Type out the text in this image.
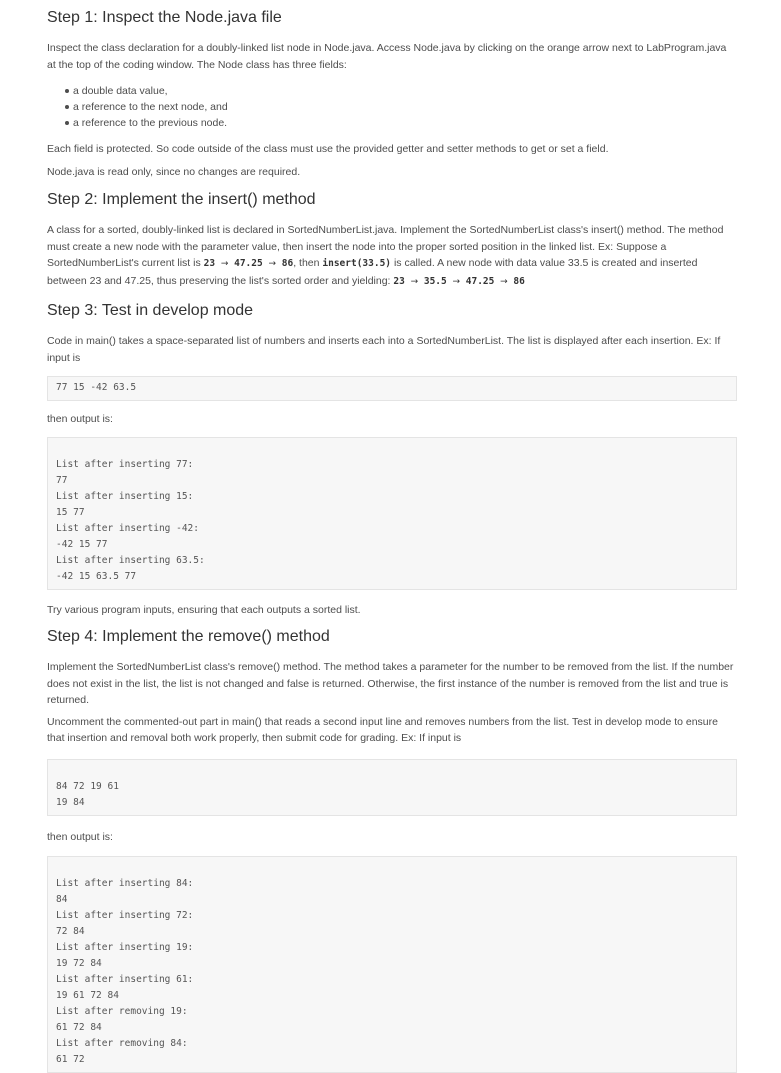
Step 1: Inspect the Node.java file

Inspect the class declaration for a doubly-linked list node in Node.java. Access Node.java by clicking on the orange arrow next to LabProgram.java at the top of the coding window. The Node class has three fields:

a double data value,
a reference to the next node, and
a reference to the previous node.

Each field is protected. So code outside of the class must use the provided getter and setter methods to get or set a field.

Node.java is read only, since no changes are required.

Step 2: Implement the insert() method

A class for a sorted, doubly-linked list is declared in SortedNumberList.java. Implement the SortedNumberList class's insert() method. The method must create a new node with the parameter value, then insert the node into the proper sorted position in the linked list. Ex: Suppose a SortedNumberList's current list is 23 → 47.25 → 86, then insert(33.5) is called. A new node with data value 33.5 is created and inserted between 23 and 47.25, thus preserving the list's sorted order and yielding: 23 → 35.5 → 47.25 → 86

Step 3: Test in develop mode

Code in main() takes a space-separated list of numbers and inserts each into a SortedNumberList. The list is displayed after each insertion. Ex: If input is

77 15 -42 63.5

then output is:

List after inserting 77:
77
List after inserting 15:
15 77
List after inserting -42:
-42 15 77
List after inserting 63.5:
-42 15 63.5 77

Try various program inputs, ensuring that each outputs a sorted list.

Step 4: Implement the remove() method

Implement the SortedNumberList class's remove() method. The method takes a parameter for the number to be removed from the list. If the number does not exist in the list, the list is not changed and false is returned. Otherwise, the first instance of the number is removed from the list and true is returned.

Uncomment the commented-out part in main() that reads a second input line and removes numbers from the list. Test in develop mode to ensure that insertion and removal both work properly, then submit code for grading. Ex: If input is

84 72 19 61
19 84

then output is:

List after inserting 84:
84
List after inserting 72:
72 84
List after inserting 19:
19 72 84
List after inserting 61:
19 61 72 84
List after removing 19:
61 72 84
List after removing 84:
61 72
